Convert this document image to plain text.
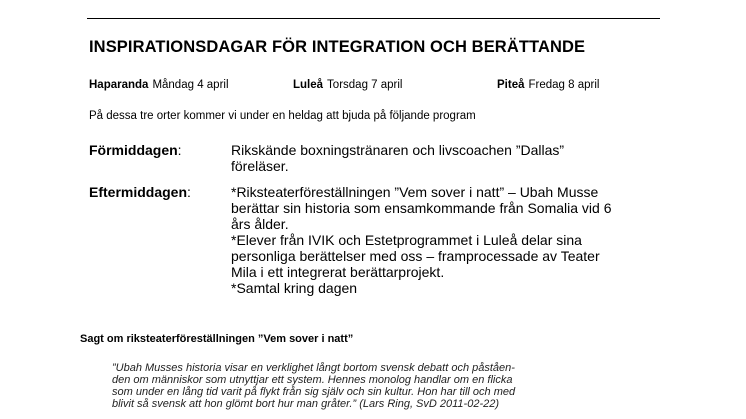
INSPIRATIONSDAGAR FÖR INTEGRATION OCH BERÄTTANDE
Haparanda Måndag 4 april	Luleå Torsdag 7 april	Piteå Fredag 8 april
På dessa tre orter kommer vi under en heldag att bjuda på följande program
Förmiddagen:	Rikskände boxningstränaren och livscoachen ”Dallas”
föreläser.
Eftermiddagen:	*Riksteaterföreställningen ”Vem sover i natt” – Ubah Musse
berättar sin historia som ensamkommande från Somalia vid 6
års ålder.
*Elever från IVIK och Estetprogrammet i Luleå delar sina
personliga berättelser med oss – framprocessade av Teater
Mila i ett integrerat berättarprojekt.
*Samtal kring dagen
Sagt om riksteaterföreställningen ”Vem sover i natt”
”Ubah Musses historia visar en verklighet långt bortom svensk debatt och påståen-
den om människor som utnyttjar ett system. Hennes monolog handlar om en flicka
som under en lång tid varit på flykt från sig själv och sin kultur. Hon har till och med
blivit så svensk att hon glömt bort hur man gråter.” (Lars Ring, SvD 2011-02-22)
